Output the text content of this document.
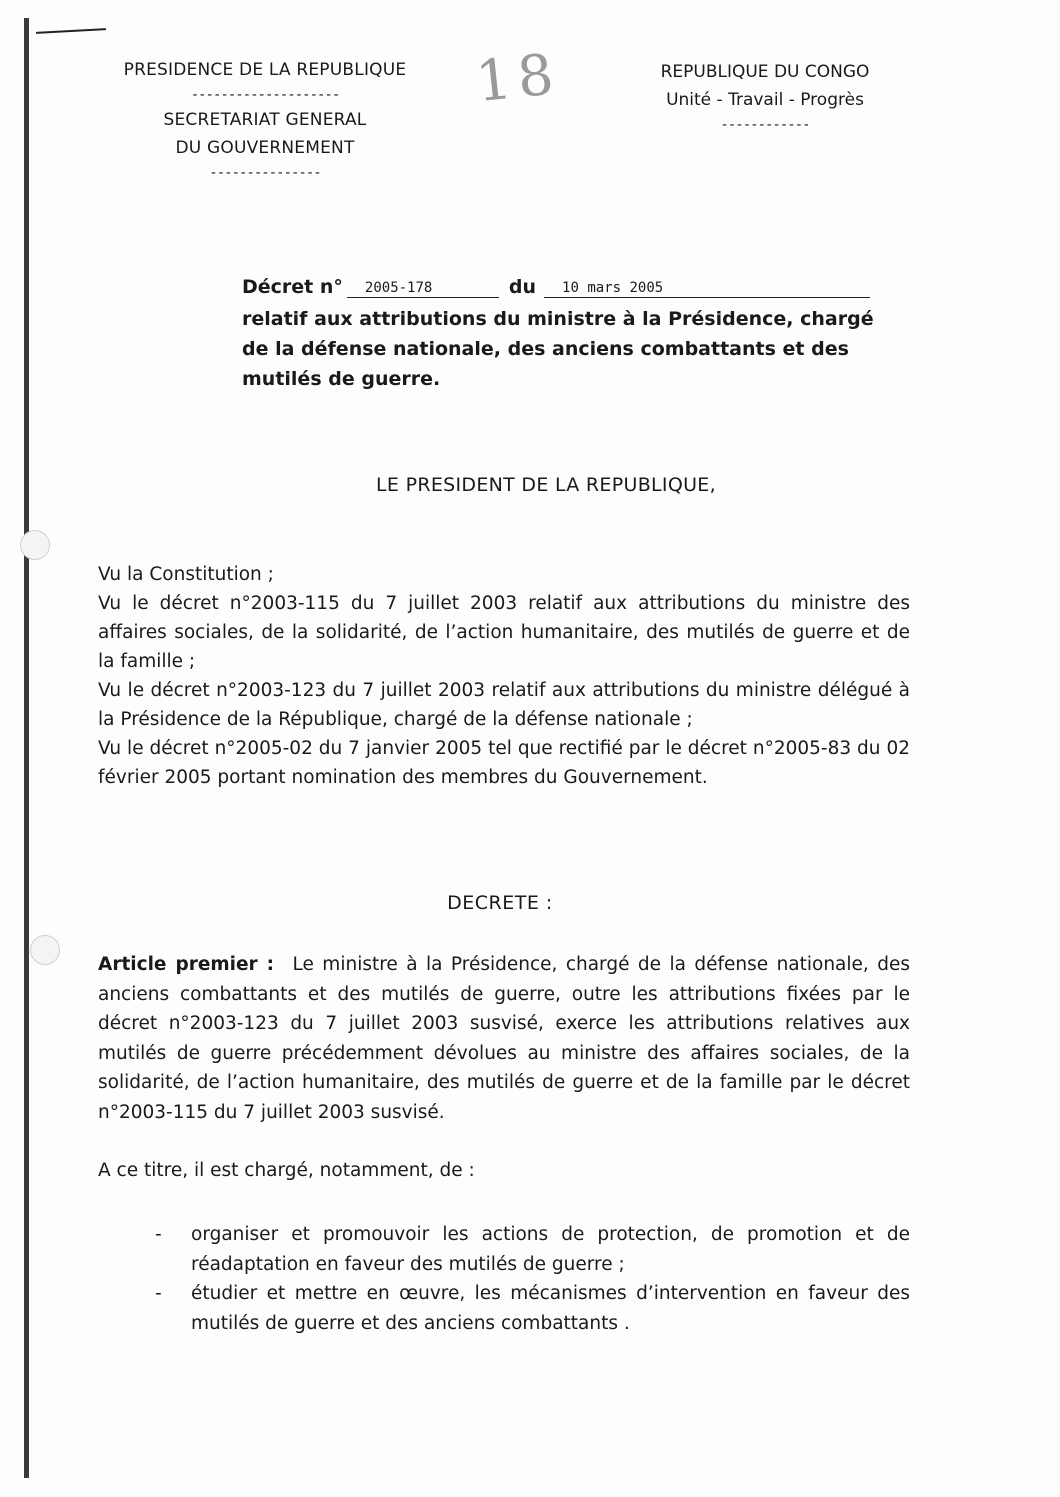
PRESIDENCE DE LA REPUBLIQUE
--------------------
SECRETARIAT GENERAL
DU GOUVERNEMENT
---------------
18	REPUBLIQUE DU CONGO
Unité - Travail - Progrès
------------
Décret n°	2005-178	du	10 mars 2005
relatif aux attributions du ministre à la Présidence, chargé de la défense nationale, des anciens combattants et des mutilés de guerre.
LE PRESIDENT DE LA REPUBLIQUE,

Vu la Constitution ;

Vu le décret n°2003-115 du 7 juillet 2003 relatif aux attributions du ministre des affaires sociales, de la solidarité, de l’action humanitaire, des mutilés de guerre et de la famille ;

Vu le décret n°2003-123 du 7 juillet 2003 relatif aux attributions du ministre délégué à la Présidence de la République, chargé de la défense nationale ;

Vu le décret n°2005-02 du 7 janvier 2005 tel que rectifié par le décret n°2005-83 du 02 février 2005 portant nomination des membres du Gouvernement.

DECRETE :
Article premier : Le ministre à la Présidence, chargé de la défense nationale, des anciens combattants et des mutilés de guerre, outre les attributions fixées par le décret n°2003-123 du 7 juillet 2003 susvisé, exerce les attributions relatives aux mutilés de guerre précédemment dévolues au ministre des affaires sociales, de la solidarité, de l’action humanitaire, des mutilés de guerre et de la famille par le décret n°2003-115 du 7 juillet 2003 susvisé.
A ce titre, il est chargé, notamment, de :
-	organiser et promouvoir les actions de protection, de promotion et de réadaptation en faveur des mutilés de guerre ;
-	étudier et mettre en œuvre, les mécanismes d’intervention en faveur des mutilés de guerre et des anciens combattants .
